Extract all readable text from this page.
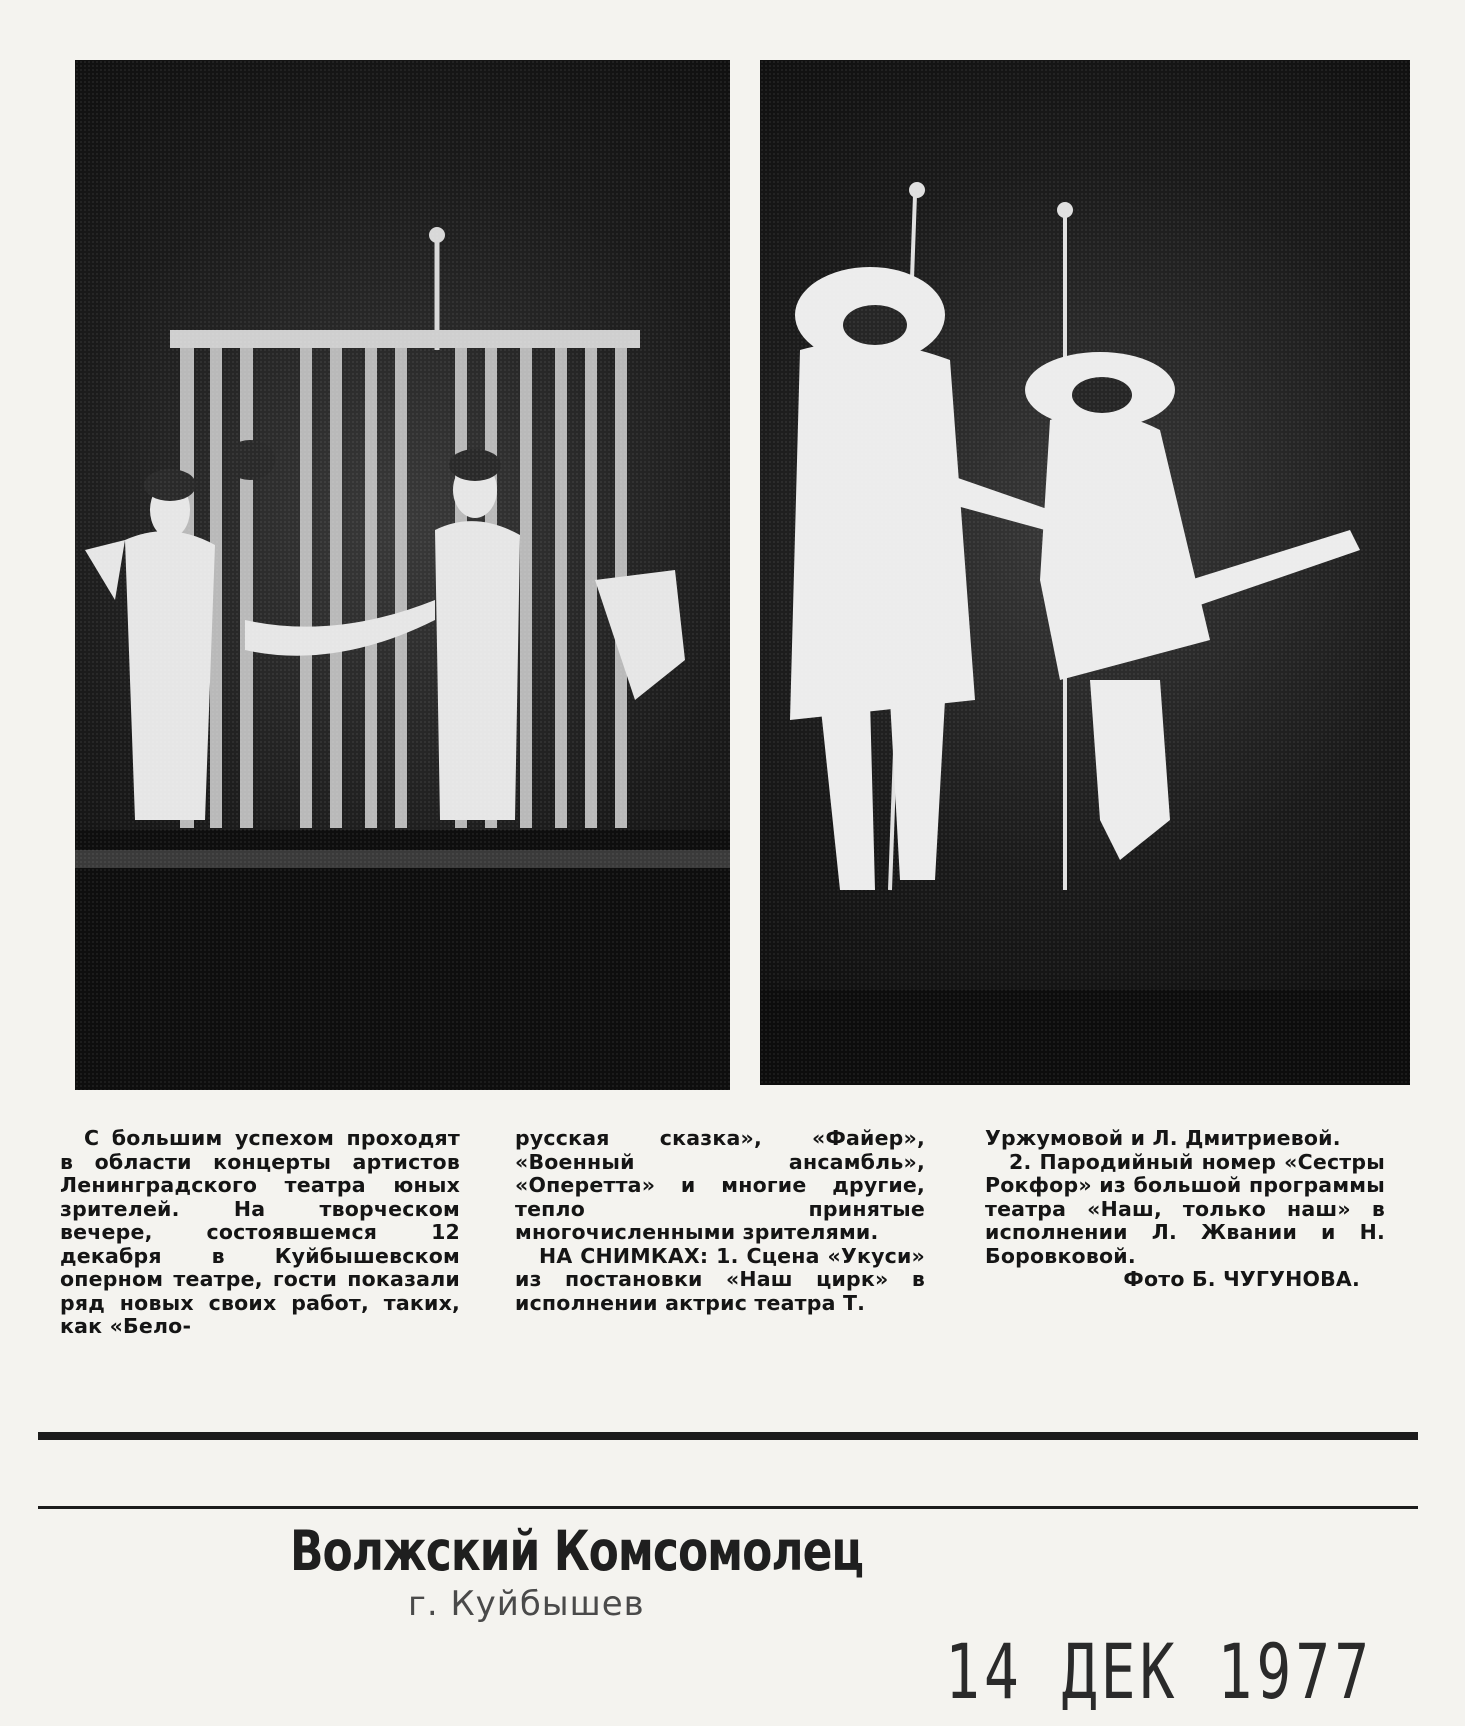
С большим успехом проходят в области концерты артистов Ленинградского театра юных зрителей. На творческом вечере, состоявшемся 12 декабря в Куйбышевском оперном театре, гости показали ряд новых своих работ, таких, как «Бело-

русская сказка», «Файер», «Военный ансамбль», «Оперетта» и многие другие, тепло принятые многочисленными зрителями.

НА СНИМКАХ: 1. Сцена «Укуси» из постановки «Наш цирк» в исполнении актрис театра Т.

Уржумовой и Л. Дмитриевой.

2. Пародийный номер «Сестры Рокфор» из большой программы театра «Наш, только наш» в исполнении Л. Жвании и Н. Боровковой.

Фото Б. ЧУГУНОВА.

Волжский Комсомолец
г. Куйбышев
14 ДЕК 1977
